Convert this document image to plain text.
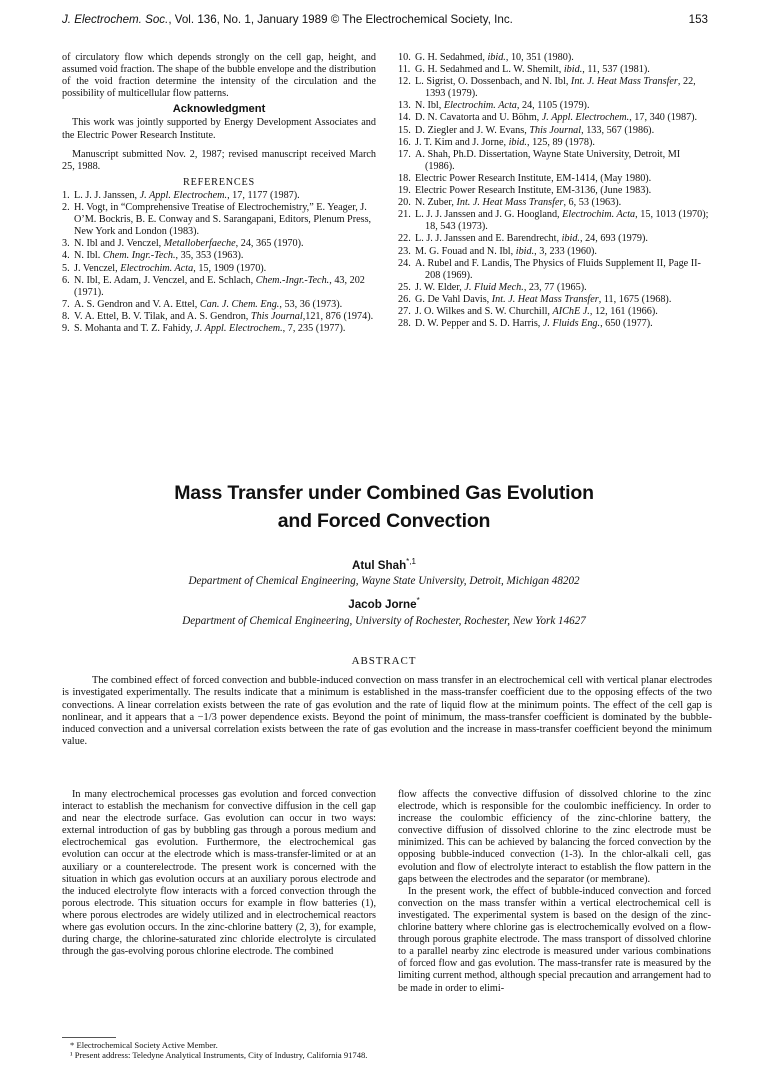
J. Electrochem. Soc., Vol. 136, No. 1, January 1989 © The Electrochemical Society, Inc.	153

of circulatory flow which depends strongly on the cell gap, height, and assumed void fraction. The shape of the bubble envelope and the distribution of the void fraction determine the intensity of the circulation and the possibility of multicellular flow patterns.

Acknowledgment

This work was jointly supported by Energy Development Associates and the Electric Power Research Institute.

Manuscript submitted Nov. 2, 1987; revised manuscript received March 25, 1988.

REFERENCES
1. L. J. J. Janssen, J. Appl. Electrochem., 17, 1177 (1987).
2. H. Vogt, in “Comprehensive Treatise of Electrochemistry,” E. Yeager, J. O’M. Bockris, B. E. Conway and S. Sarangapani, Editors, Plenum Press, New York and London (1983).
3. N. Ibl and J. Venczel, Metalloberfaeche, 24, 365 (1970).
4. N. Ibl. Chem. Ingr.-Tech., 35, 353 (1963).
5. J. Venczel, Electrochim. Acta, 15, 1909 (1970).
6. N. Ibl, E. Adam, J. Venczel, and E. Schlach, Chem.-Ingr.-Tech., 43, 202 (1971).
7. A. S. Gendron and V. A. Ettel, Can. J. Chem. Eng., 53, 36 (1973).
8. V. A. Ettel, B. V. Tilak, and A. S. Gendron, This Journal,121, 876 (1974).
9. S. Mohanta and T. Z. Fahidy, J. Appl. Electrochem., 7, 235 (1977).
10. G. H. Sedahmed, ibid., 10, 351 (1980).
11. G. H. Sedahmed and L. W. Shemilt, ibid., 11, 537 (1981).
12. L. Sigrist, O. Dossenbach, and N. Ibl, Int. J. Heat Mass Transfer, 22, 1393 (1979).
13. N. Ibl, Electrochim. Acta, 24, 1105 (1979).
14. D. N. Cavatorta and U. Böhm, J. Appl. Electrochem., 17, 340 (1987).
15. D. Ziegler and J. W. Evans, This Journal, 133, 567 (1986).
16. J. T. Kim and J. Jorne, ibid., 125, 89 (1978).
17. A. Shah, Ph.D. Dissertation, Wayne State University, Detroit, MI (1986).
18. Electric Power Research Institute, EM-1414, (May 1980).
19. Electric Power Research Institute, EM-3136, (June 1983).
20. N. Zuber, Int. J. Heat Mass Transfer, 6, 53 (1963).
21. L. J. J. Janssen and J. G. Hoogland, Electrochim. Acta, 15, 1013 (1970); 18, 543 (1973).
22. L. J. J. Janssen and E. Barendrecht, ibid., 24, 693 (1979).
23. M. G. Fouad and N. Ibl, ibid., 3, 233 (1960).
24. A. Rubel and F. Landis, The Physics of Fluids Supplement II, Page II-208 (1969).
25. J. W. Elder, J. Fluid Mech., 23, 77 (1965).
26. G. De Vahl Davis, Int. J. Heat Mass Transfer, 11, 1675 (1968).
27. J. O. Wilkes and S. W. Churchill, AIChE J., 12, 161 (1966).
28. D. W. Pepper and S. D. Harris, J. Fluids Eng., 650 (1977).
Mass Transfer under Combined Gas Evolution
and Forced Convection
Atul Shah$^{*,1}$
Department of Chemical Engineering, Wayne State University, Detroit, Michigan 48202
Jacob Jorne*
Department of Chemical Engineering, University of Rochester, Rochester, New York 14627
ABSTRACT

The combined effect of forced convection and bubble-induced convection on mass transfer in an electrochemical cell with vertical planar electrodes is investigated experimentally. The results indicate that a minimum is established in the mass-transfer coefficient due to the opposing effects of the two convections. A linear correlation exists between the rate of gas evolution and the rate of liquid flow at the minimum points. The effect of the cell gap is nonlinear, and it appears that a −1/3 power dependence exists. Beyond the point of minimum, the mass-transfer coefficient is dominated by the bubble-induced convection and a universal correlation exists between the rate of gas evolution and the increase in mass-transfer coefficient beyond the minimum value.

In many electrochemical processes gas evolution and forced convection interact to establish the mechanism for convective diffusion in the cell gap and near the electrode surface. Gas evolution can occur in two ways: external introduction of gas by bubbling gas through a porous medium and electrochemical gas evolution. Furthermore, the electrochemical gas evolution can occur at the electrode which is mass-transfer-limited or at an auxiliary or a counterelectrode. The present work is concerned with the situation in which gas evolution occurs at an auxiliary porous electrode and the induced electrolyte flow interacts with a forced convection through the porous electrode. This situation occurs for example in flow batteries (1), where porous electrodes are widely utilized and in electrochemical reactors where gas evolution occurs. In the zinc-chlorine battery (2, 3), for example, during charge, the chlorine-saturated zinc chloride electrolyte is circulated through the gas-evolving porous chlorine electrode. The combined

flow affects the convective diffusion of dissolved chlorine to the zinc electrode, which is responsible for the coulombic inefficiency. In order to increase the coulombic efficiency of the zinc-chlorine battery, the convective diffusion of dissolved chlorine to the zinc electrode must be minimized. This can be achieved by balancing the forced convection by the opposing bubble-induced convection (1-3). In the chlor-alkali cell, gas evolution and flow of electrolyte interact to establish the flow pattern in the gaps between the electrodes and the separator (or membrane).

In the present work, the effect of bubble-induced convection and forced convection on the mass transfer within a vertical electrochemical cell is investigated. The experimental system is based on the design of the zinc-chlorine battery where chlorine gas is electrochemically evolved on a flow-through porous graphite electrode. The mass transport of dissolved chlorine to a parallel nearby zinc electrode is measured under various combinations of forced flow and gas evolution. The mass-transfer rate is measured by the limiting current method, although special precaution and arrangement had to be made in order to elimi-

* Electrochemical Society Active Member.
¹ Present address: Teledyne Analytical Instruments, City of Industry, California 91748.
